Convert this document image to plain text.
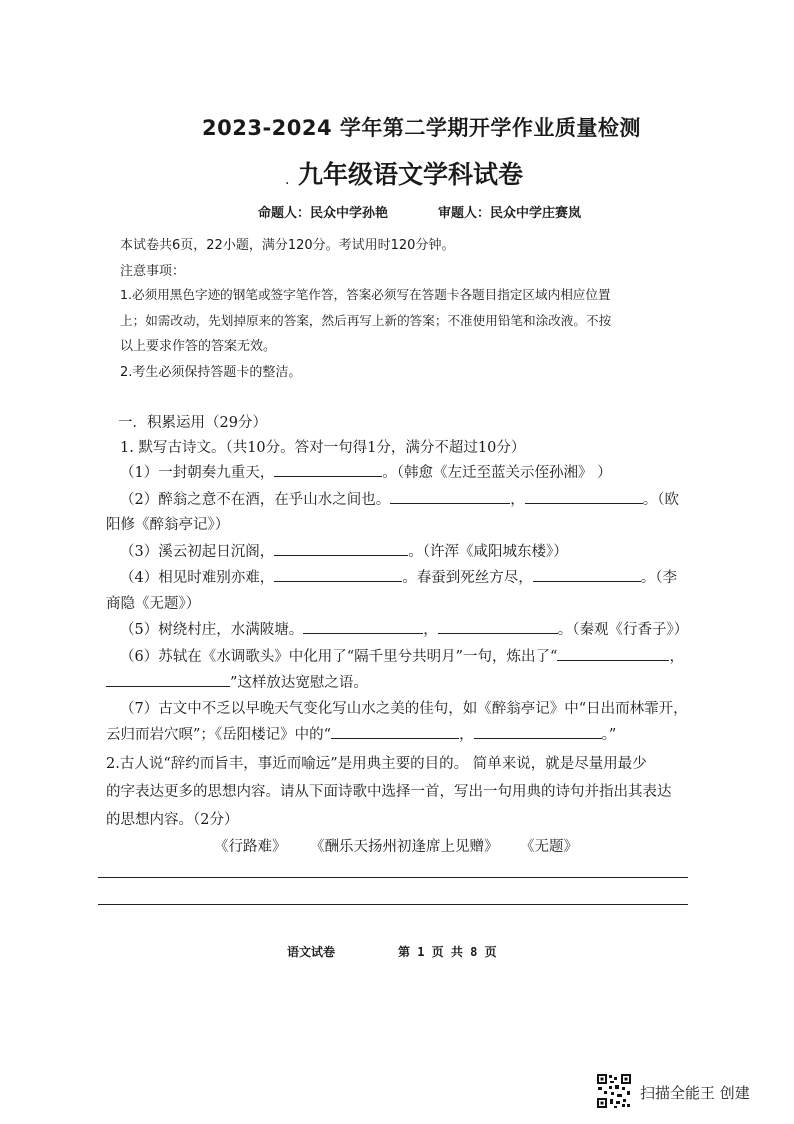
2023-2024 学年第二学期开学作业质量检测
. 九年级语文学科试卷
命题人：民众中学孙艳	审题人：民众中学庄赛岚
本试卷共6页，22小题，满分120分。考试用时120分钟。
注意事项：
1.必须用黑色字迹的钢笔或签字笔作答，答案必须写在答题卡各题目指定区域内相应位置
上；如需改动，先划掉原来的答案，然后再写上新的答案；不准使用铅笔和涂改液。不按
以上要求作答的答案无效。
2.考生必须保持答题卡的整洁。
一．积累运用（29分）
1. 默写古诗文。（共10分。答对一句得1分，满分不超过10分）
（1）一封朝奏九重天，	。（韩愈《左迁至蓝关示侄孙湘》 ）
（2）醉翁之意不在酒，在乎山水之间也。	，	。（欧
阳修《醉翁亭记》）
（3）溪云初起日沉阁，	。（许浑《咸阳城东楼》）
（4）相见时难别亦难，	。春蚕到死丝方尽，	。（李
商隐《无题》）
（5）树绕村庄，水满陂塘。	，	。（秦观《行香子》）
（6）苏轼在《水调歌头》中化用了“隔千里兮共明月”一句，炼出了“	，
”这样放达宽慰之语。
（7）古文中不乏以早晚天气变化写山水之美的佳句，如《醉翁亭记》中“日出而林霏开，
云归而岩穴暝”；《岳阳楼记》中的“	，	。”
2.古人说“辞约而旨丰，事近而喻远”是用典主要的目的。 简单来说，就是尽量用最少
的字表达更多的思想内容。请从下面诗歌中选择一首，写出一句用典的诗句并指出其表达
的思想内容。（2分）
《行路难》 《酬乐天扬州初逢席上见赠》 《无题》
语文试卷	第 1 页 共 8 页
扫描全能王 创建
